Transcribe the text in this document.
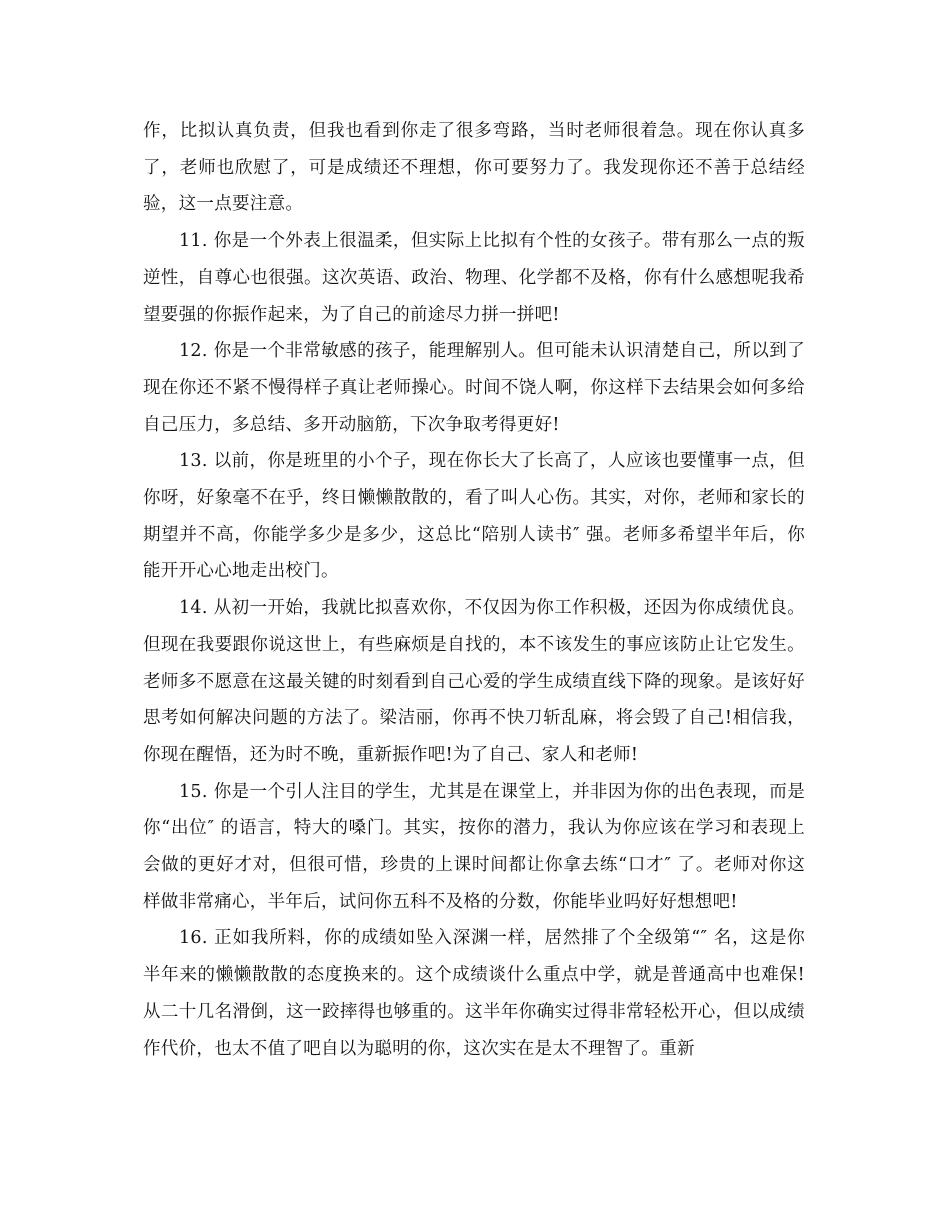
作，比拟认真负责，但我也看到你走了很多弯路，当时老师很着急。现在你认真多了，老师也欣慰了，可是成绩还不理想，你可要努力了。我发现你还不善于总结经验，这一点要注意。

11. 你是一个外表上很温柔，但实际上比拟有个性的女孩子。带有那么一点的叛逆性，自尊心也很强。这次英语、政治、物理、化学都不及格，你有什么感想呢我希望要强的你振作起来，为了自己的前途尽力拼一拼吧!

12. 你是一个非常敏感的孩子，能理解别人。但可能未认识清楚自己，所以到了现在你还不紧不慢得样子真让老师操心。时间不饶人啊，你这样下去结果会如何多给自己压力，多总结、多开动脑筋，下次争取考得更好!

13. 以前，你是班里的小个子，现在你长大了长高了，人应该也要懂事一点，但你呀，好象毫不在乎，终日懒懒散散的，看了叫人心伤。其实，对你，老师和家长的期望并不高，你能学多少是多少，这总比“陪别人读书″ 强。老师多希望半年后，你能开开心心地走出校门。

14. 从初一开始，我就比拟喜欢你，不仅因为你工作积极，还因为你成绩优良。但现在我要跟你说这世上，有些麻烦是自找的，本不该发生的事应该防止让它发生。老师多不愿意在这最关键的时刻看到自己心爱的学生成绩直线下降的现象。是该好好思考如何解决问题的方法了。梁洁丽，你再不快刀斩乱麻，将会毁了自己!相信我，你现在醒悟，还为时不晚，重新振作吧!为了自己、家人和老师!

15. 你是一个引人注目的学生，尤其是在课堂上，并非因为你的出色表现，而是你“出位″ 的语言，特大的嗓门。其实，按你的潜力，我认为你应该在学习和表现上会做的更好才对，但很可惜，珍贵的上课时间都让你拿去练“口才″ 了。老师对你这样做非常痛心，半年后，试问你五科不及格的分数，你能毕业吗好好想想吧!

16. 正如我所料，你的成绩如坠入深渊一样，居然排了个全级第“″ 名，这是你半年来的懒懒散散的态度换来的。这个成绩谈什么重点中学，就是普通高中也难保!从二十几名滑倒，这一跤摔得也够重的。这半年你确实过得非常轻松开心，但以成绩作代价，也太不值了吧自以为聪明的你，这次实在是太不理智了。重新
